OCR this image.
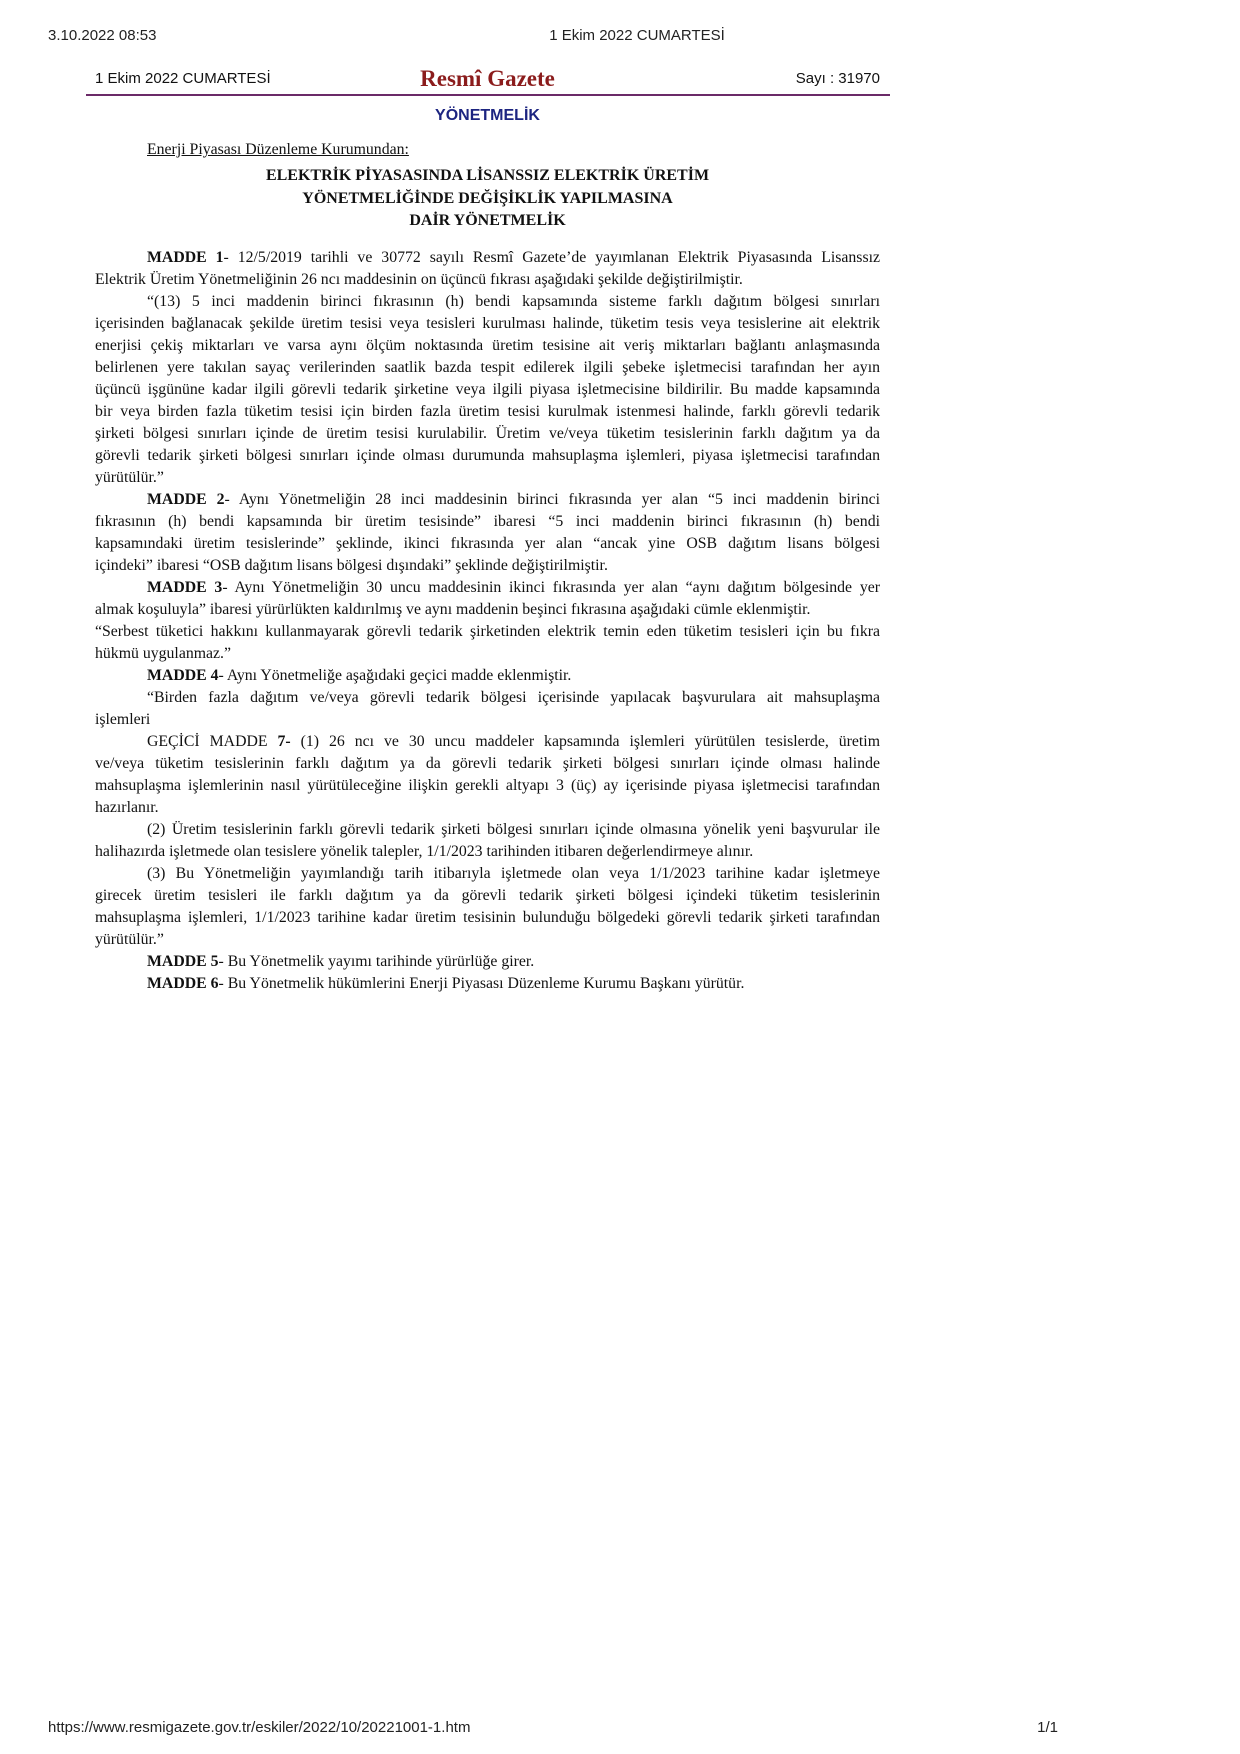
3.10.2022 08:53	1 Ekim 2022 CUMARTESİ
1 Ekim 2022 CUMARTESİ	Resmî Gazete	Sayı : 31970
YÖNETMELİK
Enerji Piyasası Düzenleme Kurumundan:
ELEKTRİK PİYASASINDA LİSANSSIZ ELEKTRİK ÜRETİM
YÖNETMELİĞİNDE DEĞİŞİKLİK YAPILMASINA
DAİR YÖNETMELİK
MADDE 1- 12/5/2019 tarihli ve 30772 sayılı Resmî Gazete’de yayımlanan Elektrik Piyasasında Lisanssız
Elektrik Üretim Yönetmeliğinin 26 ncı maddesinin on üçüncü fıkrası aşağıdaki şekilde değiştirilmiştir.
“(13) 5 inci maddenin birinci fıkrasının (h) bendi kapsamında sisteme farklı dağıtım bölgesi sınırları
içerisinden bağlanacak şekilde üretim tesisi veya tesisleri kurulması halinde, tüketim tesis veya tesislerine ait elektrik
enerjisi çekiş miktarları ve varsa aynı ölçüm noktasında üretim tesisine ait veriş miktarları bağlantı anlaşmasında
belirlenen yere takılan sayaç verilerinden saatlik bazda tespit edilerek ilgili şebeke işletmecisi tarafından her ayın
üçüncü işgününe kadar ilgili görevli tedarik şirketine veya ilgili piyasa işletmecisine bildirilir. Bu madde kapsamında
bir veya birden fazla tüketim tesisi için birden fazla üretim tesisi kurulmak istenmesi halinde, farklı görevli tedarik
şirketi bölgesi sınırları içinde de üretim tesisi kurulabilir. Üretim ve/veya tüketim tesislerinin farklı dağıtım ya da
görevli tedarik şirketi bölgesi sınırları içinde olması durumunda mahsuplaşma işlemleri, piyasa işletmecisi tarafından
yürütülür.”
MADDE 2- Aynı Yönetmeliğin 28 inci maddesinin birinci fıkrasında yer alan “5 inci maddenin birinci
fıkrasının (h) bendi kapsamında bir üretim tesisinde” ibaresi “5 inci maddenin birinci fıkrasının (h) bendi
kapsamındaki üretim tesislerinde” şeklinde, ikinci fıkrasında yer alan “ancak yine OSB dağıtım lisans bölgesi
içindeki” ibaresi “OSB dağıtım lisans bölgesi dışındaki” şeklinde değiştirilmiştir.
MADDE 3- Aynı Yönetmeliğin 30 uncu maddesinin ikinci fıkrasında yer alan “aynı dağıtım bölgesinde yer
almak koşuluyla” ibaresi yürürlükten kaldırılmış ve aynı maddenin beşinci fıkrasına aşağıdaki cümle eklenmiştir.
“Serbest tüketici hakkını kullanmayarak görevli tedarik şirketinden elektrik temin eden tüketim tesisleri için bu fıkra
hükmü uygulanmaz.”
MADDE 4- Aynı Yönetmeliğe aşağıdaki geçici madde eklenmiştir.
“Birden fazla dağıtım ve/veya görevli tedarik bölgesi içerisinde yapılacak başvurulara ait mahsuplaşma
işlemleri
GEÇİCİ MADDE 7- (1) 26 ncı ve 30 uncu maddeler kapsamında işlemleri yürütülen tesislerde, üretim
ve/veya tüketim tesislerinin farklı dağıtım ya da görevli tedarik şirketi bölgesi sınırları içinde olması halinde
mahsuplaşma işlemlerinin nasıl yürütüleceğine ilişkin gerekli altyapı 3 (üç) ay içerisinde piyasa işletmecisi tarafından
hazırlanır.
(2) Üretim tesislerinin farklı görevli tedarik şirketi bölgesi sınırları içinde olmasına yönelik yeni başvurular ile
halihazırda işletmede olan tesislere yönelik talepler, 1/1/2023 tarihinden itibaren değerlendirmeye alınır.
(3) Bu Yönetmeliğin yayımlandığı tarih itibarıyla işletmede olan veya 1/1/2023 tarihine kadar işletmeye
girecek üretim tesisleri ile farklı dağıtım ya da görevli tedarik şirketi bölgesi içindeki tüketim tesislerinin
mahsuplaşma işlemleri, 1/1/2023 tarihine kadar üretim tesisinin bulunduğu bölgedeki görevli tedarik şirketi tarafından
yürütülür.”
MADDE 5- Bu Yönetmelik yayımı tarihinde yürürlüğe girer.
MADDE 6- Bu Yönetmelik hükümlerini Enerji Piyasası Düzenleme Kurumu Başkanı yürütür.
https://www.resmigazete.gov.tr/eskiler/2022/10/20221001-1.htm	1/1
